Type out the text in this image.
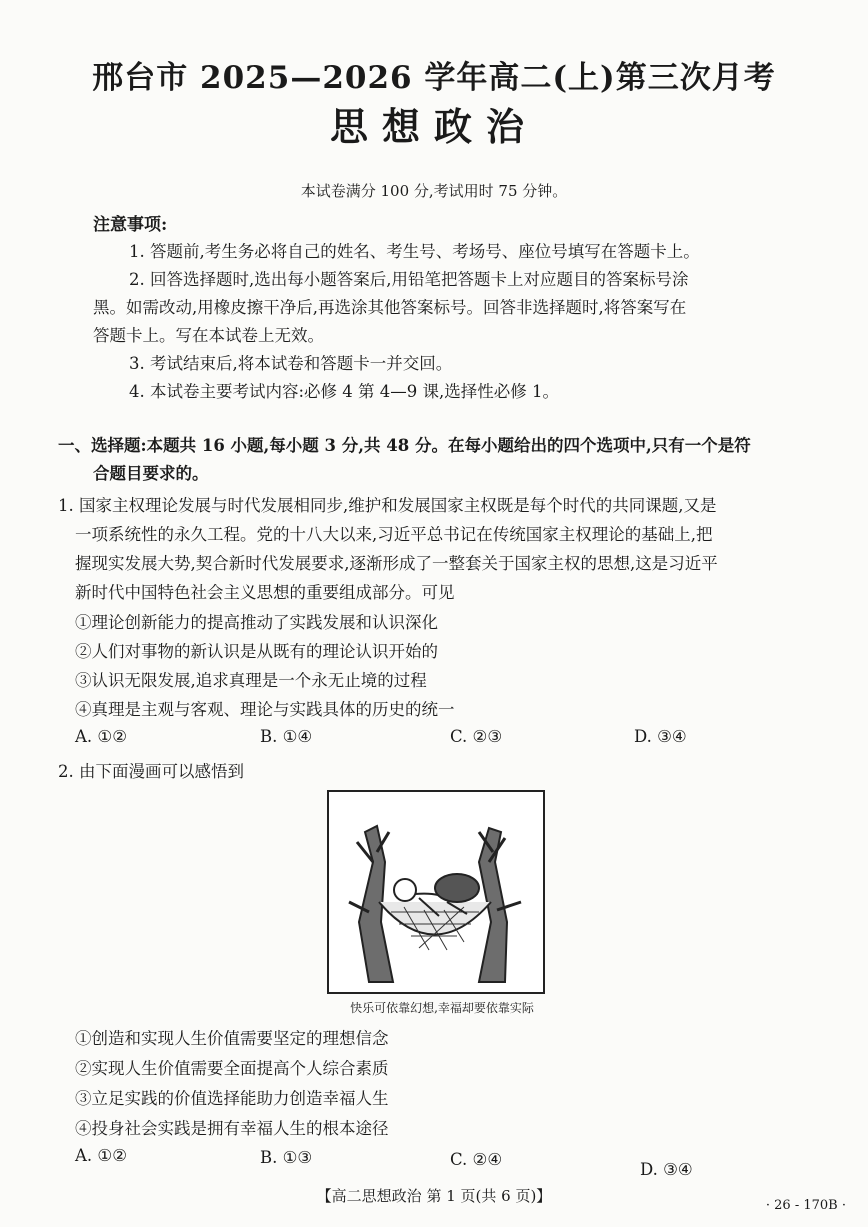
邢台市 2025—2026 学年高二(上)第三次月考
思想政治
本试卷满分 100 分,考试用时 75 分钟。
注意事项:
1. 答题前,考生务必将自己的姓名、考生号、考场号、座位号填写在答题卡上。
2. 回答选择题时,选出每小题答案后,用铅笔把答题卡上对应题目的答案标号涂
黑。如需改动,用橡皮擦干净后,再选涂其他答案标号。回答非选择题时,将答案写在
答题卡上。写在本试卷上无效。
3. 考试结束后,将本试卷和答题卡一并交回。
4. 本试卷主要考试内容:必修 4 第 4—9 课,选择性必修 1。
一、选择题:本题共 16 小题,每小题 3 分,共 48 分。在每小题给出的四个选项中,只有一个是符
合题目要求的。
1. 国家主权理论发展与时代发展相同步,维护和发展国家主权既是每个时代的共同课题,又是
一项系统性的永久工程。党的十八大以来,习近平总书记在传统国家主权理论的基础上,把
握现实发展大势,契合新时代发展要求,逐渐形成了一整套关于国家主权的思想,这是习近平
新时代中国特色社会主义思想的重要组成部分。可见
①理论创新能力的提高推动了实践发展和认识深化
②人们对事物的新认识是从既有的理论认识开始的
③认识无限发展,追求真理是一个永无止境的过程
④真理是主观与客观、理论与实践具体的历史的统一
A. ①②	B. ①④	C. ②③	D. ③④
2. 由下面漫画可以感悟到
快乐可依靠幻想,幸福却要依靠实际
①创造和实现人生价值需要坚定的理想信念
②实现人生价值需要全面提高个人综合素质
③立足实践的价值选择能助力创造幸福人生
④投身社会实践是拥有幸福人生的根本途径
A. ①②	B. ①③	C. ②④
D. ③④
【高二思想政治 第 1 页(共 6 页)】
· 26 - 170B ·
